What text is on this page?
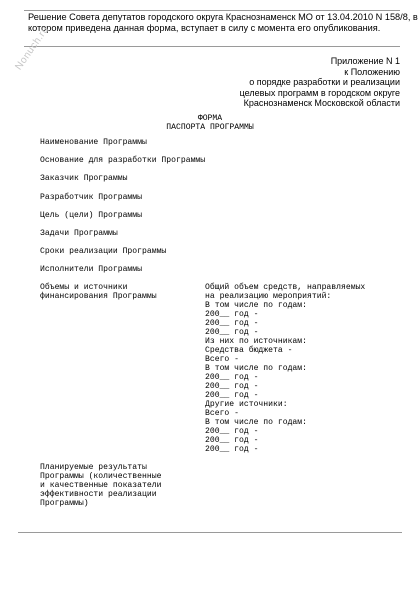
Решение Совета депутатов городского округа Краснознаменск МО от 13.04.2010 N 158/8, в
котором приведена данная форма, вступает в силу с момента его опубликования.
Nonuch.ru	Приложение N 1
к Положению
о порядке разработки и реализации
целевых программ в городском округе
Краснознаменск Московской области
ФОРМА
ПАСПОРТА ПРОГРАММЫ
Наименование Программы
Основание для разработки Программы
Заказчик Программы
Разработчик Программы
Цель (цели) Программы
Задачи Программы
Сроки реализации Программы
Исполнители Программы
Объемы и источники
финансирования Программы
Общий объем средств, направляемых
на реализацию мероприятий:
В том числе по годам:
200__ год -
200__ год -
200__ год -
Из них по источникам:
Средства бюджета -
Всего -
В том числе по годам:
200__ год -
200__ год -
200__ год -
Другие источники:
Всего -
В том числе по годам:
200__ год -
200__ год -
200__ год -
Планируемые результаты
Программы (количественные
и качественные показатели
эффективности реализации
Программы)
